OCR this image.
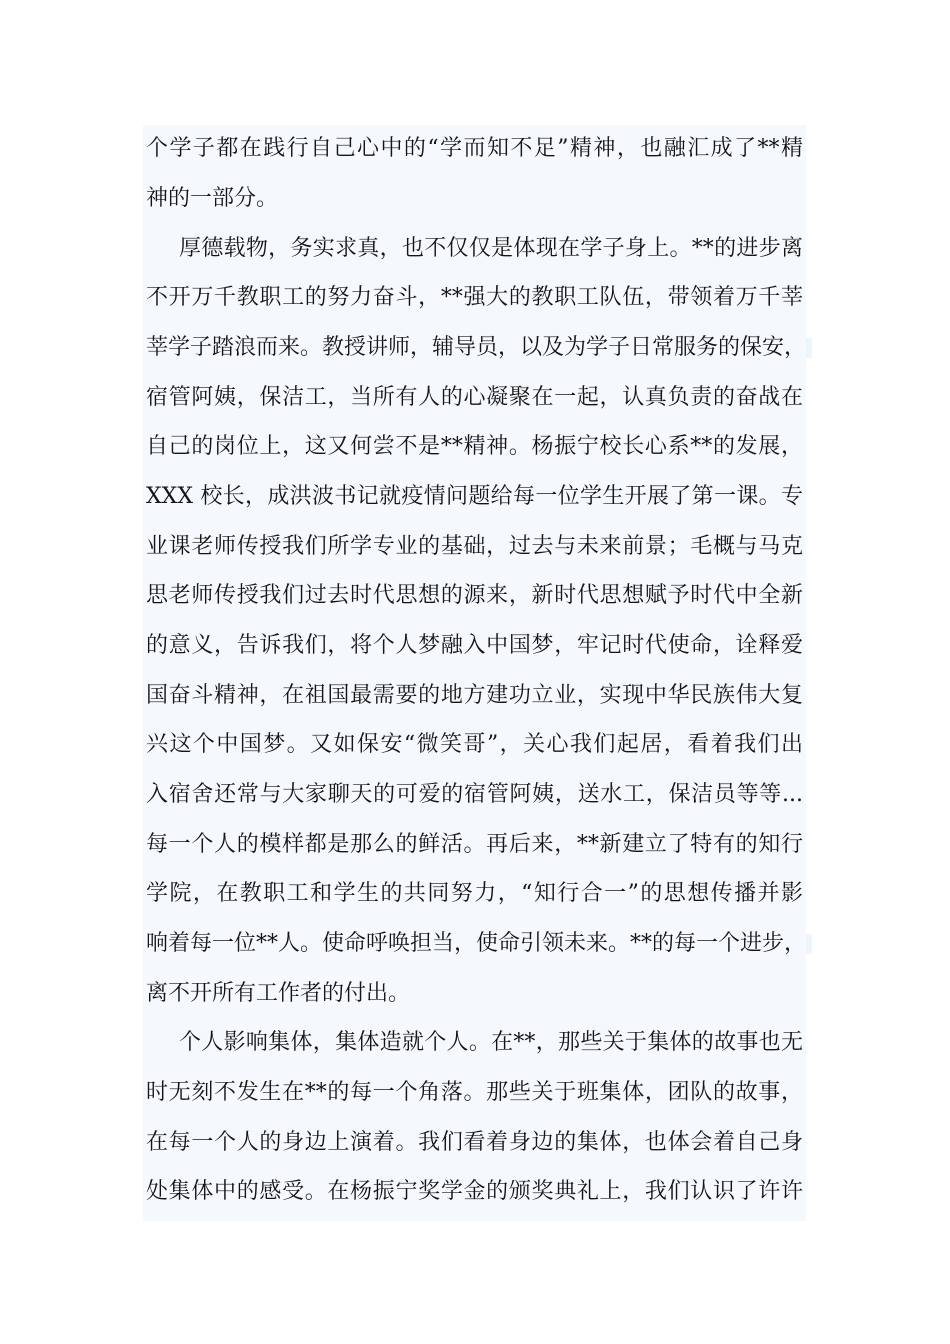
个学子都在践行自己心中的“学而知不足”精神，也融汇成了**精
神的一部分。
厚德载物，务实求真，也不仅仅是体现在学子身上。**的进步离
不开万千教职工的努力奋斗，**强大的教职工队伍，带领着万千莘
莘学子踏浪而来。教授讲师，辅导员，以及为学子日常服务的保安，
宿管阿姨，保洁工，当所有人的心凝聚在一起，认真负责的奋战在
自己的岗位上，这又何尝不是**精神。杨振宁校长心系**的发展，
XXX 校长，成洪波书记就疫情问题给每一位学生开展了第一课。专
业课老师传授我们所学专业的基础，过去与未来前景；毛概与马克
思老师传授我们过去时代思想的源来，新时代思想赋予时代中全新
的意义，告诉我们，将个人梦融入中国梦，牢记时代使命，诠释爱
国奋斗精神，在祖国最需要的地方建功立业，实现中华民族伟大复
兴这个中国梦。又如保安“微笑哥”，关心我们起居，看着我们出
入宿舍还常与大家聊天的可爱的宿管阿姨，送水工，保洁员等等...
每一个人的模样都是那么的鲜活。再后来，**新建立了特有的知行
学院，在教职工和学生的共同努力，“知行合一”的思想传播并影
响着每一位**人。使命呼唤担当，使命引领未来。**的每一个进步，
离不开所有工作者的付出。
个人影响集体，集体造就个人。在**，那些关于集体的故事也无
时无刻不发生在**的每一个角落。那些关于班集体，团队的故事，
在每一个人的身边上演着。我们看着身边的集体，也体会着自己身
处集体中的感受。在杨振宁奖学金的颁奖典礼上，我们认识了许许
